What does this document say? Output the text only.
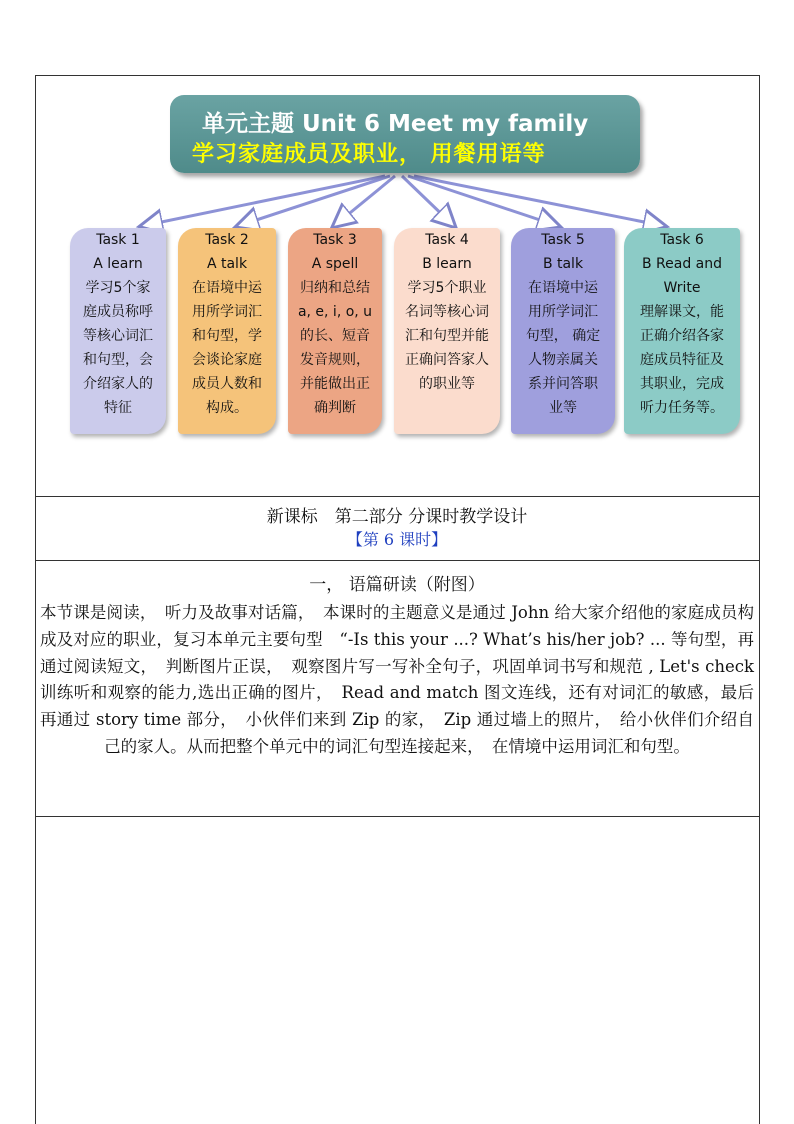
单元主题 Unit 6 Meet my family
学习家庭成员及职业， 用餐用语等
Task 1
A learn
学习5个家
庭成员称呼
等核心词汇
和句型，会
介绍家人的
特征
Task 2
A talk
在语境中运
用所学词汇
和句型，学
会谈论家庭
成员人数和
构成。
Task 3
A spell
归纳和总结
a, e, i, o, u
的长、短音
发音规则，
并能做出正
确判断
Task 4
B learn
学习5个职业
名词等核心词
汇和句型并能
正确问答家人
的职业等
Task 5
B talk
在语境中运
用所学词汇
句型， 确定
人物亲属关
系并问答职
业等
Task 6
B Read and
Write
理解课文，能
正确介绍各家
庭成员特征及
其职业，完成
听力任务等。
新课标　第二部分 分课时教学设计
【第 6 课时】
一， 语篇研读（附图）
本节课是阅读，　听力及故事对话篇，　本课时的主题意义是通过 John 给大家介绍他的家庭成员构成及对应的职业，复习本单元主要句型　“-Is this your ...? What’s his/her job? ... 等句型，再通过阅读短文，　判断图片正误，　观察图片写一写补全句子，巩固单词书写和规范 , Let's check 训练听和观察的能力,选出正确的图片，　Read and match 图文连线，还有对词汇的敏感，最后再通过 story time 部分，　小伙伴们来到 Zip 的家，　Zip 通过墙上的照片，　给小伙伴们介绍自己的家人。从而把整个单元中的词汇句型连接起来，　在情境中运用词汇和句型。
